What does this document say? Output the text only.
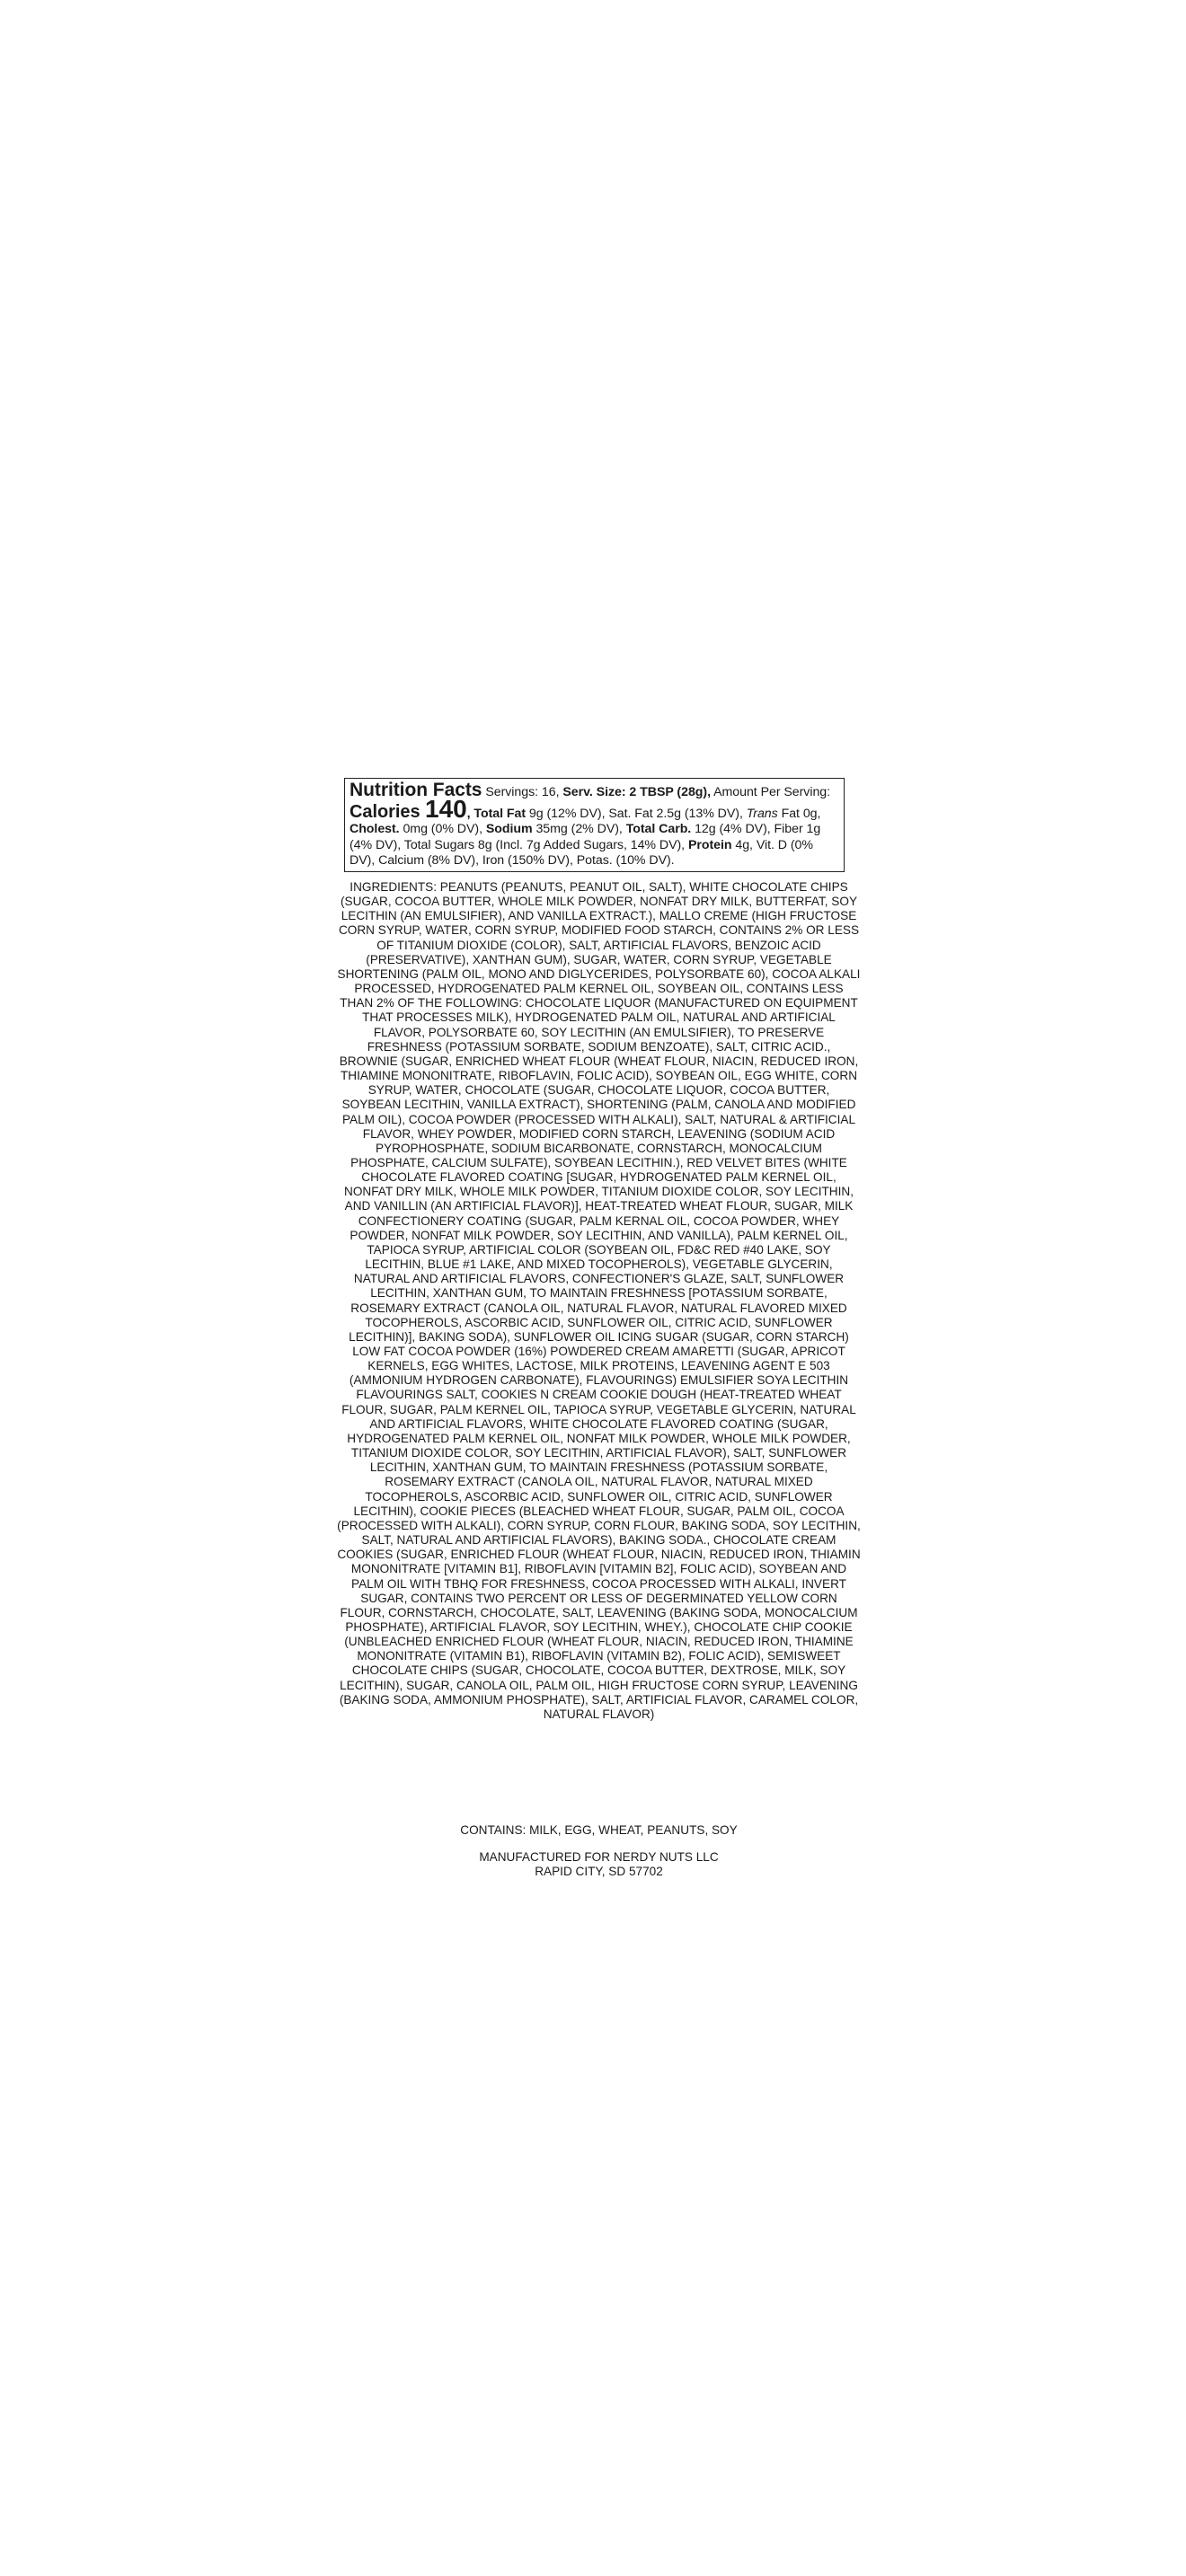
Nutrition Facts Servings: 16, Serv. Size: 2 TBSP (28g), Amount Per Serving: Calories 140, Total Fat 9g (12% DV), Sat. Fat 2.5g (13% DV), Trans Fat 0g, Cholest. 0mg (0% DV), Sodium 35mg (2% DV), Total Carb. 12g (4% DV), Fiber 1g (4% DV), Total Sugars 8g (Incl. 7g Added Sugars, 14% DV), Protein 4g, Vit. D (0% DV), Calcium (8% DV), Iron (150% DV), Potas. (10% DV).

INGREDIENTS: PEANUTS (PEANUTS, PEANUT OIL, SALT), WHITE CHOCOLATE CHIPS (SUGAR, COCOA BUTTER, WHOLE MILK POWDER, NONFAT DRY MILK, BUTTERFAT, SOY LECITHIN (AN EMULSIFIER), AND VANILLA EXTRACT.), MALLO CREME (HIGH FRUCTOSE CORN SYRUP, WATER, CORN SYRUP, MODIFIED FOOD STARCH, CONTAINS 2% OR LESS OF TITANIUM DIOXIDE (COLOR), SALT, ARTIFICIAL FLAVORS, BENZOIC ACID (PRESERVATIVE), XANTHAN GUM), SUGAR, WATER, CORN SYRUP, VEGETABLE SHORTENING (PALM OIL, MONO AND DIGLYCERIDES, POLYSORBATE 60), COCOA ALKALI PROCESSED, HYDROGENATED PALM KERNEL OIL, SOYBEAN OIL, CONTAINS LESS THAN 2% OF THE FOLLOWING: CHOCOLATE LIQUOR (MANUFACTURED ON EQUIPMENT THAT PROCESSES MILK), HYDROGENATED PALM OIL, NATURAL AND ARTIFICIAL FLAVOR, POLYSORBATE 60, SOY LECITHIN (AN EMULSIFIER), TO PRESERVE FRESHNESS (POTASSIUM SORBATE, SODIUM BENZOATE), SALT, CITRIC ACID., BROWNIE (SUGAR, ENRICHED WHEAT FLOUR (WHEAT FLOUR, NIACIN, REDUCED IRON, THIAMINE MONONITRATE, RIBOFLAVIN, FOLIC ACID), SOYBEAN OIL, EGG WHITE, CORN SYRUP, WATER, CHOCOLATE (SUGAR, CHOCOLATE LIQUOR, COCOA BUTTER, SOYBEAN LECITHIN, VANILLA EXTRACT), SHORTENING (PALM, CANOLA AND MODIFIED PALM OIL), COCOA POWDER (PROCESSED WITH ALKALI), SALT, NATURAL & ARTIFICIAL FLAVOR, WHEY POWDER, MODIFIED CORN STARCH, LEAVENING (SODIUM ACID PYROPHOSPHATE, SODIUM BICARBONATE, CORNSTARCH, MONOCALCIUM PHOSPHATE, CALCIUM SULFATE), SOYBEAN LECITHIN.), RED VELVET BITES (WHITE CHOCOLATE FLAVORED COATING [SUGAR, HYDROGENATED PALM KERNEL OIL, NONFAT DRY MILK, WHOLE MILK POWDER, TITANIUM DIOXIDE COLOR, SOY LECITHIN, AND VANILLIN (AN ARTIFICIAL FLAVOR)], HEAT-TREATED WHEAT FLOUR, SUGAR, MILK CONFECTIONERY COATING (SUGAR, PALM KERNAL OIL, COCOA POWDER, WHEY POWDER, NONFAT MILK POWDER, SOY LECITHIN, AND VANILLA), PALM KERNEL OIL, TAPIOCA SYRUP, ARTIFICIAL COLOR (SOYBEAN OIL, FD&C RED #40 LAKE, SOY LECITHIN, BLUE #1 LAKE, AND MIXED TOCOPHEROLS), VEGETABLE GLYCERIN, NATURAL AND ARTIFICIAL FLAVORS, CONFECTIONER'S GLAZE, SALT, SUNFLOWER LECITHIN, XANTHAN GUM, TO MAINTAIN FRESHNESS [POTASSIUM SORBATE, ROSEMARY EXTRACT (CANOLA OIL, NATURAL FLAVOR, NATURAL FLAVORED MIXED TOCOPHEROLS, ASCORBIC ACID, SUNFLOWER OIL, CITRIC ACID, SUNFLOWER LECITHIN)], BAKING SODA), SUNFLOWER OIL ICING SUGAR (SUGAR, CORN STARCH) LOW FAT COCOA POWDER (16%) POWDERED CREAM AMARETTI (SUGAR, APRICOT KERNELS, EGG WHITES, LACTOSE, MILK PROTEINS, LEAVENING AGENT E 503 (AMMONIUM HYDROGEN CARBONATE), FLAVOURINGS) EMULSIFIER SOYA LECITHIN FLAVOURINGS SALT, COOKIES N CREAM COOKIE DOUGH (HEAT-TREATED WHEAT FLOUR, SUGAR, PALM KERNEL OIL, TAPIOCA SYRUP, VEGETABLE GLYCERIN, NATURAL AND ARTIFICIAL FLAVORS, WHITE CHOCOLATE FLAVORED COATING (SUGAR, HYDROGENATED PALM KERNEL OIL, NONFAT MILK POWDER, WHOLE MILK POWDER, TITANIUM DIOXIDE COLOR, SOY LECITHIN, ARTIFICIAL FLAVOR), SALT, SUNFLOWER LECITHIN, XANTHAN GUM, TO MAINTAIN FRESHNESS (POTASSIUM SORBATE, ROSEMARY EXTRACT (CANOLA OIL, NATURAL FLAVOR, NATURAL MIXED TOCOPHEROLS, ASCORBIC ACID, SUNFLOWER OIL, CITRIC ACID, SUNFLOWER LECITHIN), COOKIE PIECES (BLEACHED WHEAT FLOUR, SUGAR, PALM OIL, COCOA (PROCESSED WITH ALKALI), CORN SYRUP, CORN FLOUR, BAKING SODA, SOY LECITHIN, SALT, NATURAL AND ARTIFICIAL FLAVORS), BAKING SODA., CHOCOLATE CREAM COOKIES (SUGAR, ENRICHED FLOUR (WHEAT FLOUR, NIACIN, REDUCED IRON, THIAMIN MONONITRATE [VITAMIN B1], RIBOFLAVIN [VITAMIN B2], FOLIC ACID), SOYBEAN AND PALM OIL WITH TBHQ FOR FRESHNESS, COCOA PROCESSED WITH ALKALI, INVERT SUGAR, CONTAINS TWO PERCENT OR LESS OF DEGERMINATED YELLOW CORN FLOUR, CORNSTARCH, CHOCOLATE, SALT, LEAVENING (BAKING SODA, MONOCALCIUM PHOSPHATE), ARTIFICIAL FLAVOR, SOY LECITHIN, WHEY.), CHOCOLATE CHIP COOKIE (UNBLEACHED ENRICHED FLOUR (WHEAT FLOUR, NIACIN, REDUCED IRON, THIAMINE MONONITRATE (VITAMIN B1), RIBOFLAVIN (VITAMIN B2), FOLIC ACID), SEMISWEET CHOCOLATE CHIPS (SUGAR, CHOCOLATE, COCOA BUTTER, DEXTROSE, MILK, SOY LECITHIN), SUGAR, CANOLA OIL, PALM OIL, HIGH FRUCTOSE CORN SYRUP, LEAVENING (BAKING SODA, AMMONIUM PHOSPHATE), SALT, ARTIFICIAL FLAVOR, CARAMEL COLOR, NATURAL FLAVOR)

CONTAINS: MILK, EGG, WHEAT, PEANUTS, SOY
MANUFACTURED FOR NERDY NUTS LLC
RAPID CITY, SD 57702
